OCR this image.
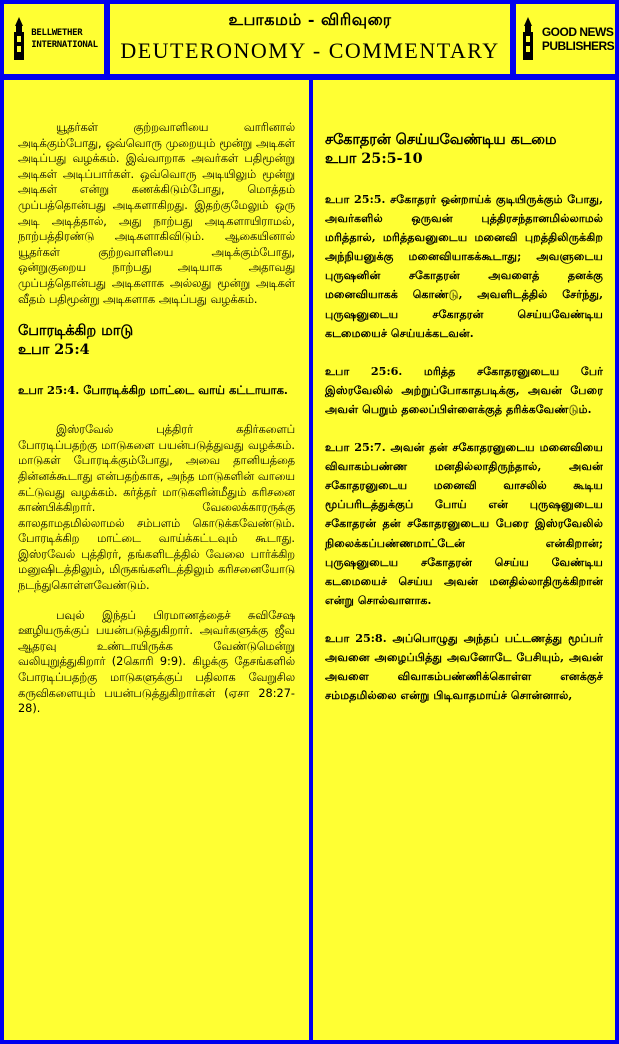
BELLWETHER
INTERNATIONAL
உபாகமம் - விரிவுரை
DEUTERONOMY - COMMENTARY
GOOD NEWS
PUBLISHERS

யூதர்கள் குற்றவாளியை வாரினால் அடிக்கும்போது, ஒவ்வொரு முறையும் மூன்று அடிகள் அடிப்பது வழக்கம். இவ்வாறாக அவர்கள் பதிமூன்று அடிகள் அடிப்பார்கள். ஒவ்வொரு அடியிலும் மூன்று அடிகள் என்று கணக்கிடும்போது, மொத்தம் முப்பத்தொன்பது அடிகளாகிறது. இதற்குமேலும் ஒரு அடி அடித்தால், அது நாற்பது அடிகளாயிராமல், நாற்பத்திரண்டு அடிகளாகிவிடும். ஆகையினால் யூதர்கள் குற்றவாளியை அடிக்கும்போது, ஒன்றுகுறைய நாற்பது அடியாக அதாவது முப்பத்தொன்பது அடிகளாக அல்லது மூன்று அடிகள் வீதம் பதிமூன்று அடிகளாக அடிப்பது வழக்கம்.

போரடிக்கிற மாடு
உபா 25:4

உபா 25:4. போரடிக்கிற மாட்டை வாய் கட்டாயாக.

இஸ்ரவேல் புத்திரர் கதிர்களைப் போரடிப்பதற்கு மாடுகளை பயன்படுத்துவது வழக்கம். மாடுகள் போரடிக்கும்போது, அவை தானியத்தை தின்னக்கூடாது என்பதற்காக, அந்த மாடுகளின் வாயை கட்டுவது வழக்கம். கர்த்தர் மாடுகளின்மீதும் கரிசனை காண்பிக்கிறார். வேலைக்காரருக்கு காலதாமதமில்லாமல் சம்பளம் கொடுக்கவேண்டும். போரடிக்கிற மாட்டை வாய்க்கட்டவும் கூடாது. இஸ்ரவேல் புத்திரர், தங்களிடத்தில் வேலை பார்க்கிற மனுஷிடத்திலும், மிருகங்களிடத்திலும் கரிசனையோடு நடந்துகொள்ளவேண்டும்.

பவுல் இந்தப் பிரமாணத்தைச் சுவிசேஷ ஊழியருக்குப் பயன்படுத்துகிறார். அவர்களுக்கு ஜீவ ஆதரவு உண்டாயிருக்க வேண்டுமென்று வலியுறுத்துகிறார் (2கொரி 9:9). கிழக்கு தேசங்களில் போரடிப்பதற்கு மாடுகளுக்குப் பதிலாக வேறுசில கருவிகளையும் பயன்படுத்துகிறார்கள் (ஏசா 28:27-28).

சகோதரன் செய்யவேண்டிய கடமை
உபா 25:5-10

உபா 25:5. சகோதரர் ஒன்றாய்க் குடியிருக்கும் போது, அவர்களில் ஒருவன் புத்திரசந்தானமில்லாமல் மரித்தால், மரித்தவனுடைய மனைவி புறத்திலிருக்கிற அந்நியனுக்கு மனைவியாகக்கூடாது; அவளுடைய புருஷனின் சகோதரன் அவளைத் தனக்கு மனைவியாகக் கொண்டு, அவளிடத்தில் சேர்ந்து, புருஷனுடைய சகோதரன் செய்யவேண்டிய கடமையைச் செய்யக்கடவன்.

உபா 25:6. மரித்த சகோதரனுடைய பேர் இஸ்ரவேலில் அற்றுப்போகாதபடிக்கு, அவன் பேரை அவள் பெறும் தலைப்பிள்ளைக்குத் தரிக்கவேண்டும்.

உபா 25:7. அவன் தன் சகோதரனுடைய மனைவியை விவாகம்பண்ண மனதில்லாதிருந்தால், அவன் சகோதரனுடைய மனைவி வாசலில் கூடிய மூப்பரிடத்துக்குப் போய் என் புருஷனுடைய சகோதரன் தன் சகோதரனுடைய பேரை இஸ்ரவேலில் நிலைக்கப்பண்ணமாட்டேன் என்கிறான்; புருஷனுடைய சகோதரன் செய்ய வேண்டிய கடமையைச் செய்ய அவன் மனதில்லாதிருக்கிறான் என்று சொல்வாளாக.

உபா 25:8. அப்பொழுது அந்தப் பட்டணத்து மூப்பர் அவனை அழைப்பித்து அவனோடே பேசியும், அவன் அவளை விவாகம்பண்ணிக்கொள்ள எனக்குச் சம்மதமில்லை என்று பிடிவாதமாய்ச் சொன்னால்,
